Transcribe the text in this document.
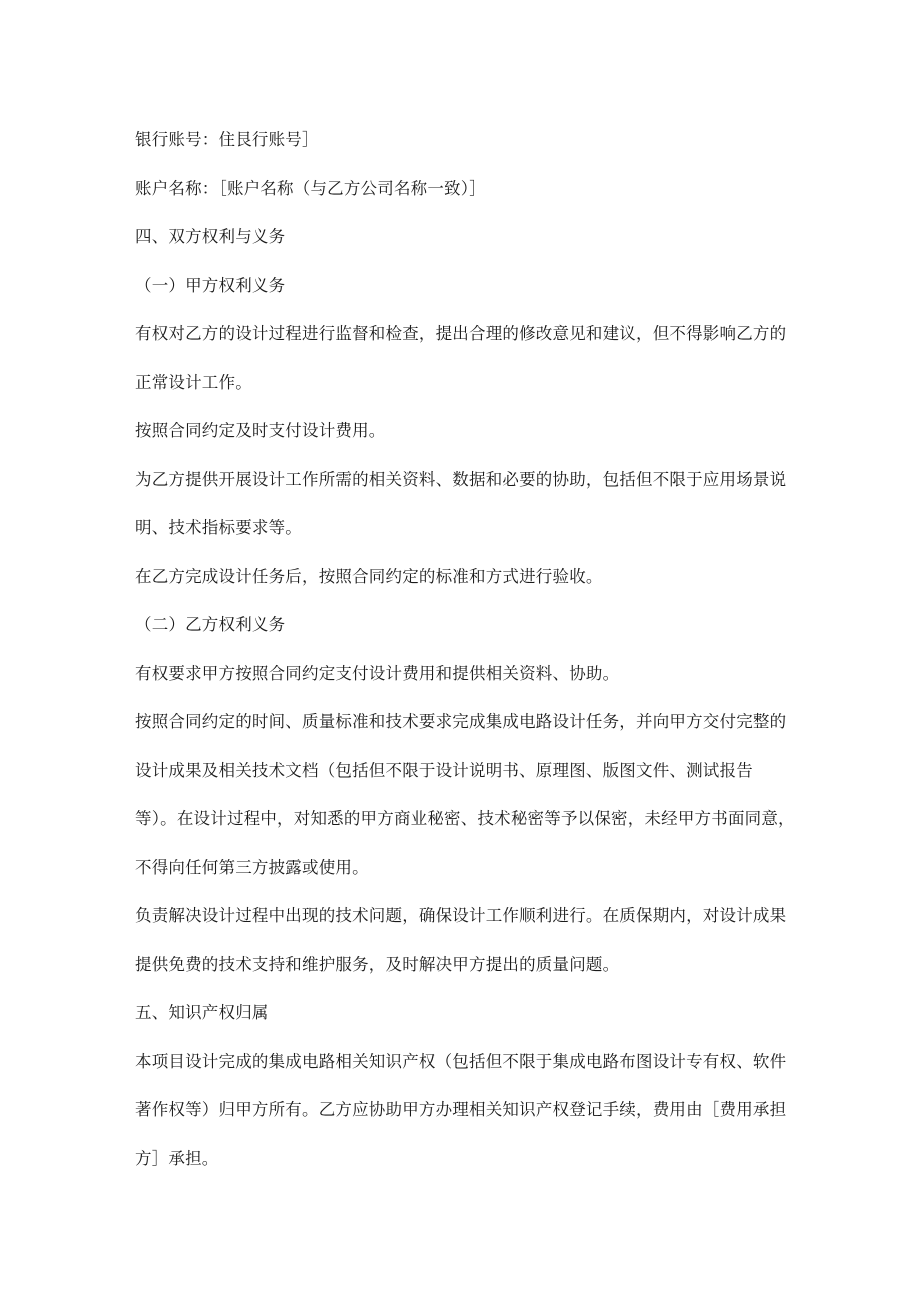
银行账号：住艮行账号］
账户名称：［账户名称（与乙方公司名称一致）］
四、双方权利与义务
（一）甲方权利义务
有权对乙方的设计过程进行监督和检查，提出合理的修改意见和建议，但不得影响乙方的
正常设计工作。
按照合同约定及时支付设计费用。
为乙方提供开展设计工作所需的相关资料、数据和必要的协助，包括但不限于应用场景说
明、技术指标要求等。
在乙方完成设计任务后，按照合同约定的标准和方式进行验收。
（二）乙方权利义务
有权要求甲方按照合同约定支付设计费用和提供相关资料、协助。
按照合同约定的时间、质量标准和技术要求完成集成电路设计任务，并向甲方交付完整的
设计成果及相关技术文档（包括但不限于设计说明书、原理图、版图文件、测试报告
等）。在设计过程中，对知悉的甲方商业秘密、技术秘密等予以保密，未经甲方书面同意，
不得向任何第三方披露或使用。
负责解决设计过程中出现的技术问题，确保设计工作顺利进行。在质保期内，对设计成果
提供免费的技术支持和维护服务，及时解决甲方提出的质量问题。
五、知识产权归属
本项目设计完成的集成电路相关知识产权（包括但不限于集成电路布图设计专有权、软件
著作权等）归甲方所有。乙方应协助甲方办理相关知识产权登记手续，费用由［费用承担
方］承担。
